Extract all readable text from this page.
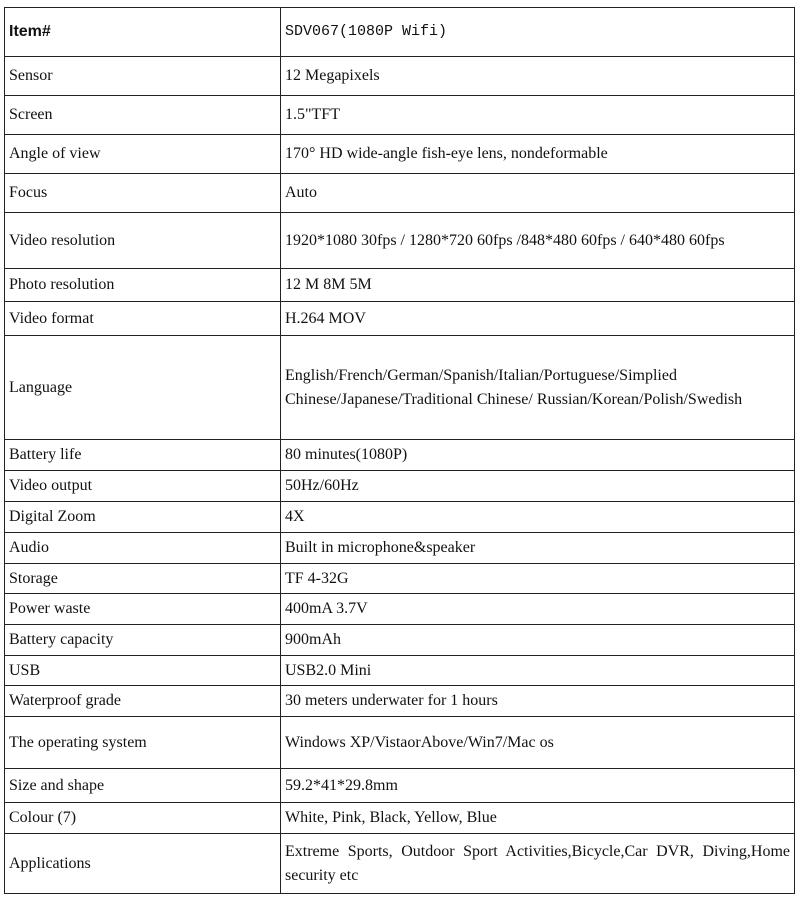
Item#	SDV067(1080P Wifi)
Sensor	12 Megapixels
Screen	1.5"TFT
Angle of view	170° HD wide-angle fish-eye lens, nondeformable
Focus	Auto
Video resolution	1920*1080 30fps / 1280*720 60fps /848*480 60fps / 640*480 60fps
Photo resolution	12 M 8M 5M
Video format	H.264 MOV
Language	English/French/German/Spanish/Italian/Portuguese/Simplied Chinese/Japanese/Traditional Chinese/ Russian/Korean/Polish/Swedish
Battery life	80 minutes(1080P)
Video output	50Hz/60Hz
Digital Zoom	4X
Audio	Built in microphone&speaker
Storage	TF 4-32G
Power waste	400mA 3.7V
Battery capacity	900mAh
USB	USB2.0 Mini
Waterproof grade	30 meters underwater for 1 hours
The operating system	Windows XP/VistaorAbove/Win7/Mac os
Size and shape	59.2*41*29.8mm
Colour (7)	White, Pink, Black, Yellow, Blue
Applications	Extreme Sports, Outdoor Sport Activities,Bicycle,Car DVR, Diving,Home security etc
